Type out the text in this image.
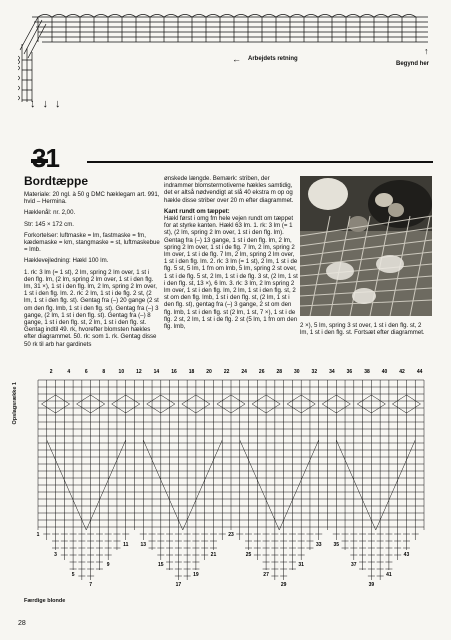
← Arbejdets retning
↑
Begynd her
↓↓↓
31
Bordtæppe

Materiale: 20 ngl. à 50 g DMC hæklegarn art. 991, hvid – Hermina.

Hæklenål: nr. 2,00.

Str: 145 × 172 cm.

Forkortelser: luftmaske = lm, fastmaske = fm, kædemaske = km, stangmaske = st, luftmaskebue = lmb.

Hæklevejledning: Hækl 100 lm.

1. rk: 3 lm (= 1 st), 2 lm, spring 2 lm over, 1 st i den flg. lm, (2 lm, spring 2 lm over, 1 st i den flg. lm, 31 ×), 1 st i den flg. lm, 2 lm, spring 2 lm over, 1 st i den flg. lm. 2. rk: 2 lm, 1 st i de flg. 2 st, (2 lm, 1 st i den flg. st). Gentag fra (–) 20 gange (2 st om den flg. lmb, 1 st i den flg. st). Gentag fra (–) 3 gange, (2 lm, 1 st i den flg. st). Gentag fra (–) 8 gange, 1 st i den flg. st, 2 lm, 1 st i den flg. st. Gentag indtil 49. rk, hvorefter blomsten hækles efter diagrammet. 50. rk: som 1. rk. Gentag disse 50 rk til arb har gardinets

ønskede længde. Bemærk: striben, der indrammer blomstermotiverne hækles samtidig, det er altså nødvendigt at slå 40 ekstra m op og hækle disse striber over 20 m efter diagrammet.

Kant rundt om tæppet:

Hækl først i omg fm hele vejen rundt om tæppet for at styrke kanten. Hækl 63 lm. 1. rk: 3 lm (= 1 st), (2 lm, spring 2 lm over, 1 st i den flg. lm). Gentag fra (–) 13 gange, 1 st i den flg. lm, 2 lm, spring 2 lm over, 1 st i de flg. 7 lm, 2 lm, spring 2 lm over, 1 st i de flg. 7 lm, 2 lm, spring 2 lm over, 1 st i den flg. lm. 2. rk: 3 lm (= 1 st), 2 lm, 1 st i de flg. 5 st, 5 lm, 1 fm om lmb, 5 lm, spring 2 st over, 1 st i de flg. 5 st, 2 lm, 1 st i de flg. 3 st, (2 lm, 1 st i den flg. st, 13 ×), 6 lm. 3. rk: 3 lm, 2 lm spring 2 lm over, 1 st i den flg. lm, 2 lm, 1 st i den flg. st, 2 st om den flg. lmb, 1 st i den flg. st, (2 lm, 1 st i den flg. st), gentag fra (–) 3 gange, 2 st om den flg. lmb, 1 st i den flg. st (2 lm, 1 st, 7 ×), 1 st i de flg. 2 st, 2 lm, 1 st i de flg. 2 st (5 lm, 1 fm om den flg. lmb,	2 ×), 5 lm, spring 3 st over, 1 st i den flg. st, 2 lm, 1 st i den flg. st. Fortsæt efter diagrammet.

Opslagsrække 1
2	4	6	8	10 12 14 16 18 20 22 24 26 28 30 32 34 36 38 40 42 44
1
3
5
7
9
11 13
15
17
19
21
23
25
27
29
31
33 35
37
39
41
43
Færdige blonde
28
